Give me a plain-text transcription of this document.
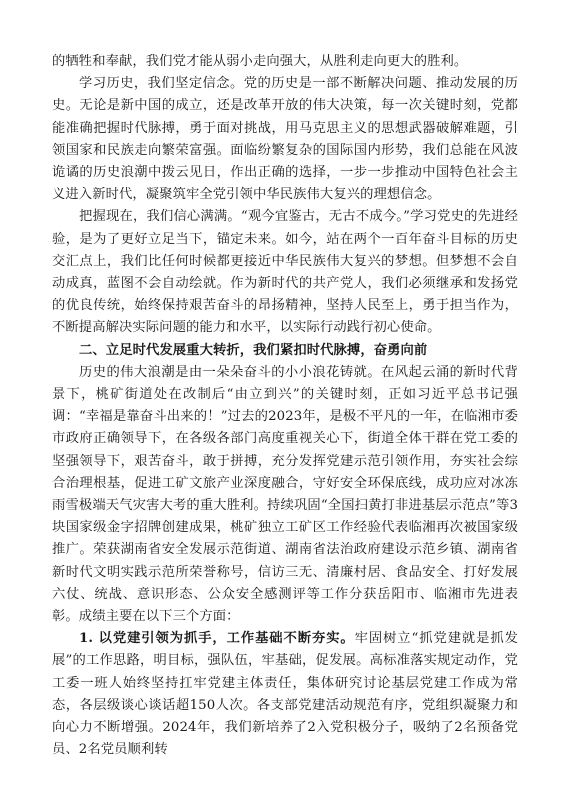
的牺牲和奉献，我们党才能从弱小走向强大，从胜利走向更大的胜利。

学习历史，我们坚定信念。党的历史是一部不断解决问题、推动发展的历史。无论是新中国的成立，还是改革开放的伟大决策，每一次关键时刻，党都能准确把握时代脉搏，勇于面对挑战，用马克思主义的思想武器破解难题，引领国家和民族走向繁荣富强。面临纷繁复杂的国际国内形势，我们总能在风波诡谲的历史浪潮中拨云见日，作出正确的选择，一步一步推动中国特色社会主义进入新时代，凝聚筑牢全党引领中华民族伟大复兴的理想信念。

把握现在，我们信心满满。“观今宜鉴古，无古不成今。”学习党史的先进经验，是为了更好立足当下，锚定未来。如今，站在两个一百年奋斗目标的历史交汇点上，我们比任何时候都更接近中华民族伟大复兴的梦想。但梦想不会自动成真，蓝图不会自动绘就。作为新时代的共产党人，我们必须继承和发扬党的优良传统，始终保持艰苦奋斗的昂扬精神，坚持人民至上，勇于担当作为，不断提高解决实际问题的能力和水平，以实际行动践行初心使命。

二、立足时代发展重大转折，我们紧扣时代脉搏，奋勇向前

历史的伟大浪潮是由一朵朵奋斗的小小浪花铸就。在风起云涌的新时代背景下，桃矿街道处在改制后“由立到兴”的关键时刻，正如习近平总书记强调：“幸福是靠奋斗出来的！”过去的2023年，是极不平凡的一年，在临湘市委市政府正确领导下，在各级各部门高度重视关心下，街道全体干群在党工委的坚强领导下，艰苦奋斗，敢于拼搏，充分发挥党建示范引领作用，夯实社会综合治理根基，促进工矿文旅产业深度融合，守好安全环保底线，成功应对冰冻雨雪极端天气灾害大考的重大胜利。持续巩固“全国扫黄打非进基层示范点”等3块国家级金字招牌创建成果，桃矿独立工矿区工作经验代表临湘再次被国家级推广。荣获湖南省安全发展示范街道、湖南省法治政府建设示范乡镇、湖南省新时代文明实践示范所荣誉称号，信访三无、清廉村居、食品安全、打好发展六仗、统战、意识形态、公众安全感测评等工作分获岳阳市、临湘市先进表彰。成绩主要在以下三个方面：

1. 以党建引领为抓手，工作基础不断夯实。牢固树立“抓党建就是抓发展”的工作思路，明目标，强队伍，牢基础，促发展。高标准落实规定动作，党工委一班人始终坚持扛牢党建主体责任，集体研究讨论基层党建工作成为常态，各层级谈心谈话超150人次。各支部党建活动规范有序，党组织凝聚力和向心力不断增强。2024年，我们新培养了2入党积极分子，吸纳了2名预备党员、2名党员顺利转
